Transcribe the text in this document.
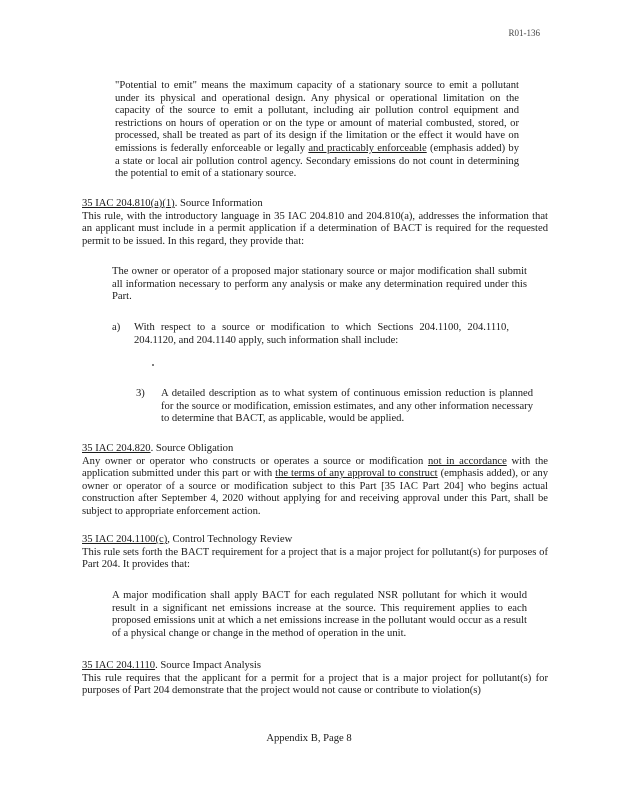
R01-136
"Potential to emit" means the maximum capacity of a stationary source to emit a pollutant under its physical and operational design. Any physical or operational limitation on the capacity of the source to emit a pollutant, including air pollution control equipment and restrictions on hours of operation or on the type or amount of material combusted, stored, or processed, shall be treated as part of its design if the limitation or the effect it would have on emissions is federally enforceable or legally and practicably enforceable (emphasis added) by a state or local air pollution control agency. Secondary emissions do not count in determining the potential to emit of a stationary source.
35 IAC 204.810(a)(1). Source Information

This rule, with the introductory language in 35 IAC 204.810 and 204.810(a), addresses the information that an applicant must include in a permit application if a determination of BACT is required for the requested permit to be issued. In this regard, they provide that:

The owner or operator of a proposed major stationary source or major modification shall submit all information necessary to perform any analysis or make any determination required under this Part.
a) With respect to a source or modification to which Sections 204.1100, 204.1110, 204.1120, and 204.1140 apply, such information shall include:
3) A detailed description as to what system of continuous emission reduction is planned for the source or modification, emission estimates, and any other information necessary to determine that BACT, as applicable, would be applied.
35 IAC 204.820. Source Obligation

Any owner or operator who constructs or operates a source or modification not in accordance with the application submitted under this part or with the terms of any approval to construct (emphasis added), or any owner or operator of a source or modification subject to this Part [35 IAC Part 204] who begins actual construction after September 4, 2020 without applying for and receiving approval under this Part, shall be subject to appropriate enforcement action.

35 IAC 204.1100(c), Control Technology Review

This rule sets forth the BACT requirement for a project that is a major project for pollutant(s) for purposes of Part 204. It provides that:

A major modification shall apply BACT for each regulated NSR pollutant for which it would result in a significant net emissions increase at the source. This requirement applies to each proposed emissions unit at which a net emissions increase in the pollutant would occur as a result of a physical change or change in the method of operation in the unit.
35 IAC 204.1110. Source Impact Analysis

This rule requires that the applicant for a permit for a project that is a major project for pollutant(s) for purposes of Part 204 demonstrate that the project would not cause or contribute to violation(s)

Appendix B, Page 8
